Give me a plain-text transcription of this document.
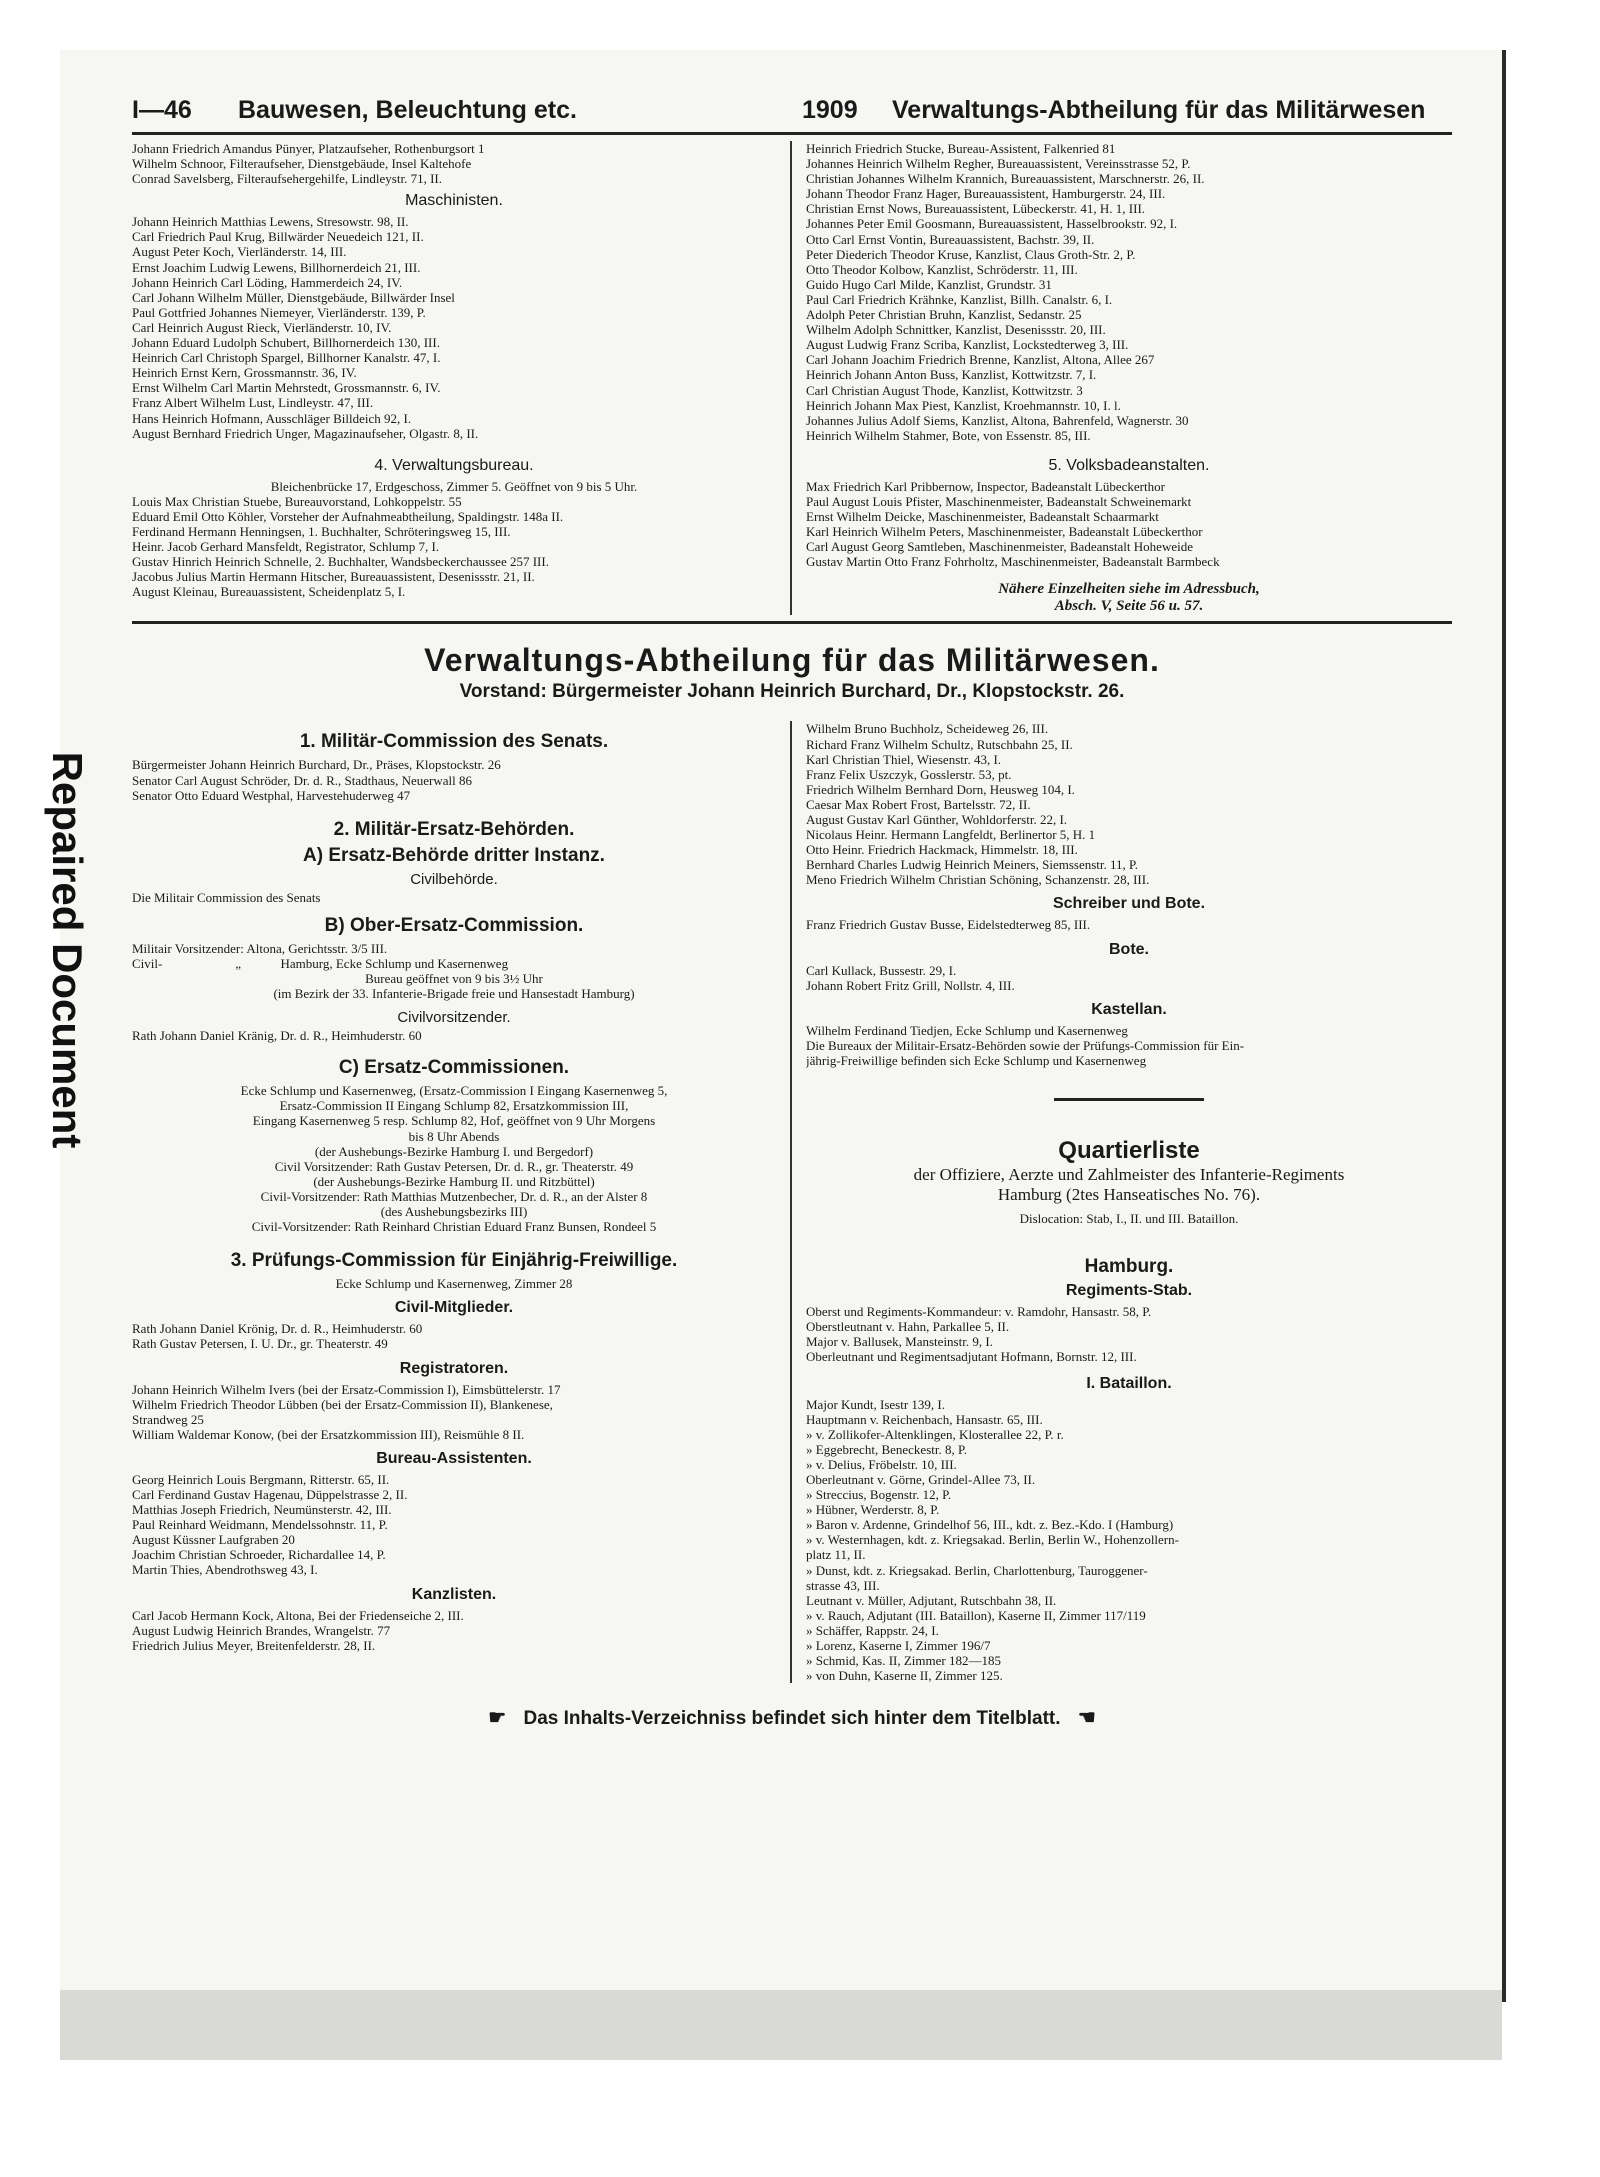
Repaired Document
I—46 Bauwesen, Beleuchtung etc.	1909 Verwaltungs-Abtheilung für das Militärwesen
Johann Friedrich Amandus Pünyer, Platzaufseher, Rothenburgsort 1
Wilhelm Schnoor, Filteraufseher, Dienstgebäude, Insel Kaltehofe
Conrad Savelsberg, Filteraufsehergehilfe, Lindleystr. 71, II.
Maschinisten.
Johann Heinrich Matthias Lewens, Stresowstr. 98, II.
Carl Friedrich Paul Krug, Billwärder Neuedeich 121, II.
August Peter Koch, Vierländerstr. 14, III.
Ernst Joachim Ludwig Lewens, Billhornerdeich 21, III.
Johann Heinrich Carl Löding, Hammerdeich 24, IV.
Carl Johann Wilhelm Müller, Dienstgebäude, Billwärder Insel
Paul Gottfried Johannes Niemeyer, Vierländerstr. 139, P.
Carl Heinrich August Rieck, Vierländerstr. 10, IV.
Johann Eduard Ludolph Schubert, Billhornerdeich 130, III.
Heinrich Carl Christoph Spargel, Billhorner Kanalstr. 47, I.
Heinrich Ernst Kern, Grossmannstr. 36, IV.
Ernst Wilhelm Carl Martin Mehrstedt, Grossmannstr. 6, IV.
Franz Albert Wilhelm Lust, Lindleystr. 47, III.
Hans Heinrich Hofmann, Ausschläger Billdeich 92, I.
August Bernhard Friedrich Unger, Magazinaufseher, Olgastr. 8, II.
4. Verwaltungsbureau.
Bleichenbrücke 17, Erdgeschoss, Zimmer 5. Geöffnet von 9 bis 5 Uhr.
Louis Max Christian Stuebe, Bureauvorstand, Lohkoppelstr. 55
Eduard Emil Otto Köhler, Vorsteher der Aufnahmeabtheilung, Spaldingstr. 148a II.
Ferdinand Hermann Henningsen, 1. Buchhalter, Schröteringsweg 15, III.
Heinr. Jacob Gerhard Mansfeldt, Registrator, Schlump 7, I.
Gustav Hinrich Heinrich Schnelle, 2. Buchhalter, Wandsbeckerchaussee 257 III.
Jacobus Julius Martin Hermann Hitscher, Bureauassistent, Desenissstr. 21, II.
August Kleinau, Bureauassistent, Scheidenplatz 5, I.
Heinrich Friedrich Stucke, Bureau-Assistent, Falkenried 81
Johannes Heinrich Wilhelm Regher, Bureauassistent, Vereinsstrasse 52, P.
Christian Johannes Wilhelm Krannich, Bureauassistent, Marschnerstr. 26, II.
Johann Theodor Franz Hager, Bureauassistent, Hamburgerstr. 24, III.
Christian Ernst Nows, Bureauassistent, Lübeckerstr. 41, H. 1, III.
Johannes Peter Emil Goosmann, Bureauassistent, Hasselbrookstr. 92, I.
Otto Carl Ernst Vontin, Bureauassistent, Bachstr. 39, II.
Peter Diederich Theodor Kruse, Kanzlist, Claus Groth-Str. 2, P.
Otto Theodor Kolbow, Kanzlist, Schröderstr. 11, III.
Guido Hugo Carl Milde, Kanzlist, Grundstr. 31
Paul Carl Friedrich Krähnke, Kanzlist, Billh. Canalstr. 6, I.
Adolph Peter Christian Bruhn, Kanzlist, Sedanstr. 25
Wilhelm Adolph Schnittker, Kanzlist, Desenissstr. 20, III.
August Ludwig Franz Scriba, Kanzlist, Lockstedterweg 3, III.
Carl Johann Joachim Friedrich Brenne, Kanzlist, Altona, Allee 267
Heinrich Johann Anton Buss, Kanzlist, Kottwitzstr. 7, I.
Carl Christian August Thode, Kanzlist, Kottwitzstr. 3
Heinrich Johann Max Piest, Kanzlist, Kroehmannstr. 10, I. l.
Johannes Julius Adolf Siems, Kanzlist, Altona, Bahrenfeld, Wagnerstr. 30
Heinrich Wilhelm Stahmer, Bote, von Essenstr. 85, III.
5. Volksbadeanstalten.
Max Friedrich Karl Pribbernow, Inspector, Badeanstalt Lübeckerthor
Paul August Louis Pfister, Maschinenmeister, Badeanstalt Schweinemarkt
Ernst Wilhelm Deicke, Maschinenmeister, Badeanstalt Schaarmarkt
Karl Heinrich Wilhelm Peters, Maschinenmeister, Badeanstalt Lübeckerthor
Carl August Georg Samtleben, Maschinenmeister, Badeanstalt Hoheweide
Gustav Martin Otto Franz Fohrholtz, Maschinenmeister, Badeanstalt Barmbeck
Nähere Einzelheiten siehe im Adressbuch,
Absch. V, Seite 56 u. 57.
Verwaltungs-Abtheilung für das Militärwesen.
Vorstand: Bürgermeister Johann Heinrich Burchard, Dr., Klopstockstr. 26.
1. Militär-Commission des Senats.
Bürgermeister Johann Heinrich Burchard, Dr., Präses, Klopstockstr. 26
Senator Carl August Schröder, Dr. d. R., Stadthaus, Neuerwall 86
Senator Otto Eduard Westphal, Harvestehuderweg 47
2. Militär-Ersatz-Behörden.
A) Ersatz-Behörde dritter Instanz.
Civilbehörde.
Die Militair Commission des Senats
B) Ober-Ersatz-Commission.
Militair Vorsitzender: Altona, Gerichtsstr. 3/5 III.
Civil-	„	Hamburg, Ecke Schlump und Kasernenweg
Bureau geöffnet von 9 bis 3½ Uhr
(im Bezirk der 33. Infanterie-Brigade freie und Hansestadt Hamburg)
Civilvorsitzender.
Rath Johann Daniel Kränig, Dr. d. R., Heimhuderstr. 60
C) Ersatz-Commissionen.
Ecke Schlump und Kasernenweg, (Ersatz-Commission I Eingang Kasernenweg 5,
Ersatz-Commission II Eingang Schlump 82, Ersatzkommission III,
Eingang Kasernenweg 5 resp. Schlump 82, Hof, geöffnet von 9 Uhr Morgens
bis 8 Uhr Abends
(der Aushebungs-Bezirke Hamburg I. und Bergedorf)
Civil Vorsitzender: Rath Gustav Petersen, Dr. d. R., gr. Theaterstr. 49
(der Aushebungs-Bezirke Hamburg II. und Ritzbüttel)
Civil-Vorsitzender: Rath Matthias Mutzenbecher, Dr. d. R., an der Alster 8
(des Aushebungsbezirks III)
Civil-Vorsitzender: Rath Reinhard Christian Eduard Franz Bunsen, Rondeel 5
3. Prüfungs-Commission für Einjährig-Freiwillige.
Ecke Schlump und Kasernenweg, Zimmer 28
Civil-Mitglieder.
Rath Johann Daniel Krönig, Dr. d. R., Heimhuderstr. 60
Rath Gustav Petersen, I. U. Dr., gr. Theaterstr. 49
Registratoren.
Johann Heinrich Wilhelm Ivers (bei der Ersatz-Commission I), Eimsbüttelerstr. 17
Wilhelm Friedrich Theodor Lübben (bei der Ersatz-Commission II), Blankenese,
Strandweg 25
William Waldemar Konow, (bei der Ersatzkommission III), Reismühle 8 II.
Bureau-Assistenten.
Georg Heinrich Louis Bergmann, Ritterstr. 65, II.
Carl Ferdinand Gustav Hagenau, Düppelstrasse 2, II.
Matthias Joseph Friedrich, Neumünsterstr. 42, III.
Paul Reinhard Weidmann, Mendelssohnstr. 11, P.
August Küssner Laufgraben 20
Joachim Christian Schroeder, Richardallee 14, P.
Martin Thies, Abendrothsweg 43, I.
Kanzlisten.
Carl Jacob Hermann Kock, Altona, Bei der Friedenseiche 2, III.
August Ludwig Heinrich Brandes, Wrangelstr. 77
Friedrich Julius Meyer, Breitenfelderstr. 28, II.
Wilhelm Bruno Buchholz, Scheideweg 26, III.
Richard Franz Wilhelm Schultz, Rutschbahn 25, II.
Karl Christian Thiel, Wiesenstr. 43, I.
Franz Felix Uszczyk, Gosslerstr. 53, pt.
Friedrich Wilhelm Bernhard Dorn, Heusweg 104, I.
Caesar Max Robert Frost, Bartelsstr. 72, II.
August Gustav Karl Günther, Wohldorferstr. 22, I.
Nicolaus Heinr. Hermann Langfeldt, Berlinertor 5, H. 1
Otto Heinr. Friedrich Hackmack, Himmelstr. 18, III.
Bernhard Charles Ludwig Heinrich Meiners, Siemssenstr. 11, P.
Meno Friedrich Wilhelm Christian Schöning, Schanzenstr. 28, III.
Schreiber und Bote.
Franz Friedrich Gustav Busse, Eidelstedterweg 85, III.
Bote.
Carl Kullack, Bussestr. 29, I.
Johann Robert Fritz Grill, Nollstr. 4, III.
Kastellan.
Wilhelm Ferdinand Tiedjen, Ecke Schlump und Kasernenweg
Die Bureaux der Militair-Ersatz-Behörden sowie der Prüfungs-Commission für Ein-
jährig-Freiwillige befinden sich Ecke Schlump und Kasernenweg
Quartierliste
der Offiziere, Aerzte und Zahlmeister des Infanterie-Regiments
Hamburg (2tes Hanseatisches No. 76).
Dislocation: Stab, I., II. und III. Bataillon.
Hamburg.
Regiments-Stab.
Oberst und Regiments-Kommandeur: v. Ramdohr, Hansastr. 58, P.
Oberstleutnant v. Hahn, Parkallee 5, II.
Major v. Ballusek, Mansteinstr. 9, I.
Oberleutnant und Regimentsadjutant Hofmann, Bornstr. 12, III.
I. Bataillon.
Major Kundt, Isestr 139, I.
Hauptmann v. Reichenbach, Hansastr. 65, III.
» v. Zollikofer-Altenklingen, Klosterallee 22, P. r.
» Eggebrecht, Beneckestr. 8, P.
» v. Delius, Fröbelstr. 10, III.
Oberleutnant v. Görne, Grindel-Allee 73, II.
» Streccius, Bogenstr. 12, P.
» Hübner, Werderstr. 8, P.
» Baron v. Ardenne, Grindelhof 56, III., kdt. z. Bez.-Kdo. I (Hamburg)
» v. Westernhagen, kdt. z. Kriegsakad. Berlin, Berlin W., Hohenzollern-
platz 11, II.
» Dunst, kdt. z. Kriegsakad. Berlin, Charlottenburg, Tauroggener-
strasse 43, III.
Leutnant v. Müller, Adjutant, Rutschbahn 38, II.
» v. Rauch, Adjutant (III. Bataillon), Kaserne II, Zimmer 117/119
» Schäffer, Rappstr. 24, I.
» Lorenz, Kaserne I, Zimmer 196/7
» Schmid, Kas. II, Zimmer 182—185
» von Duhn, Kaserne II, Zimmer 125.
☛ Das Inhalts-Verzeichniss befindet sich hinter dem Titelblatt. ☚
